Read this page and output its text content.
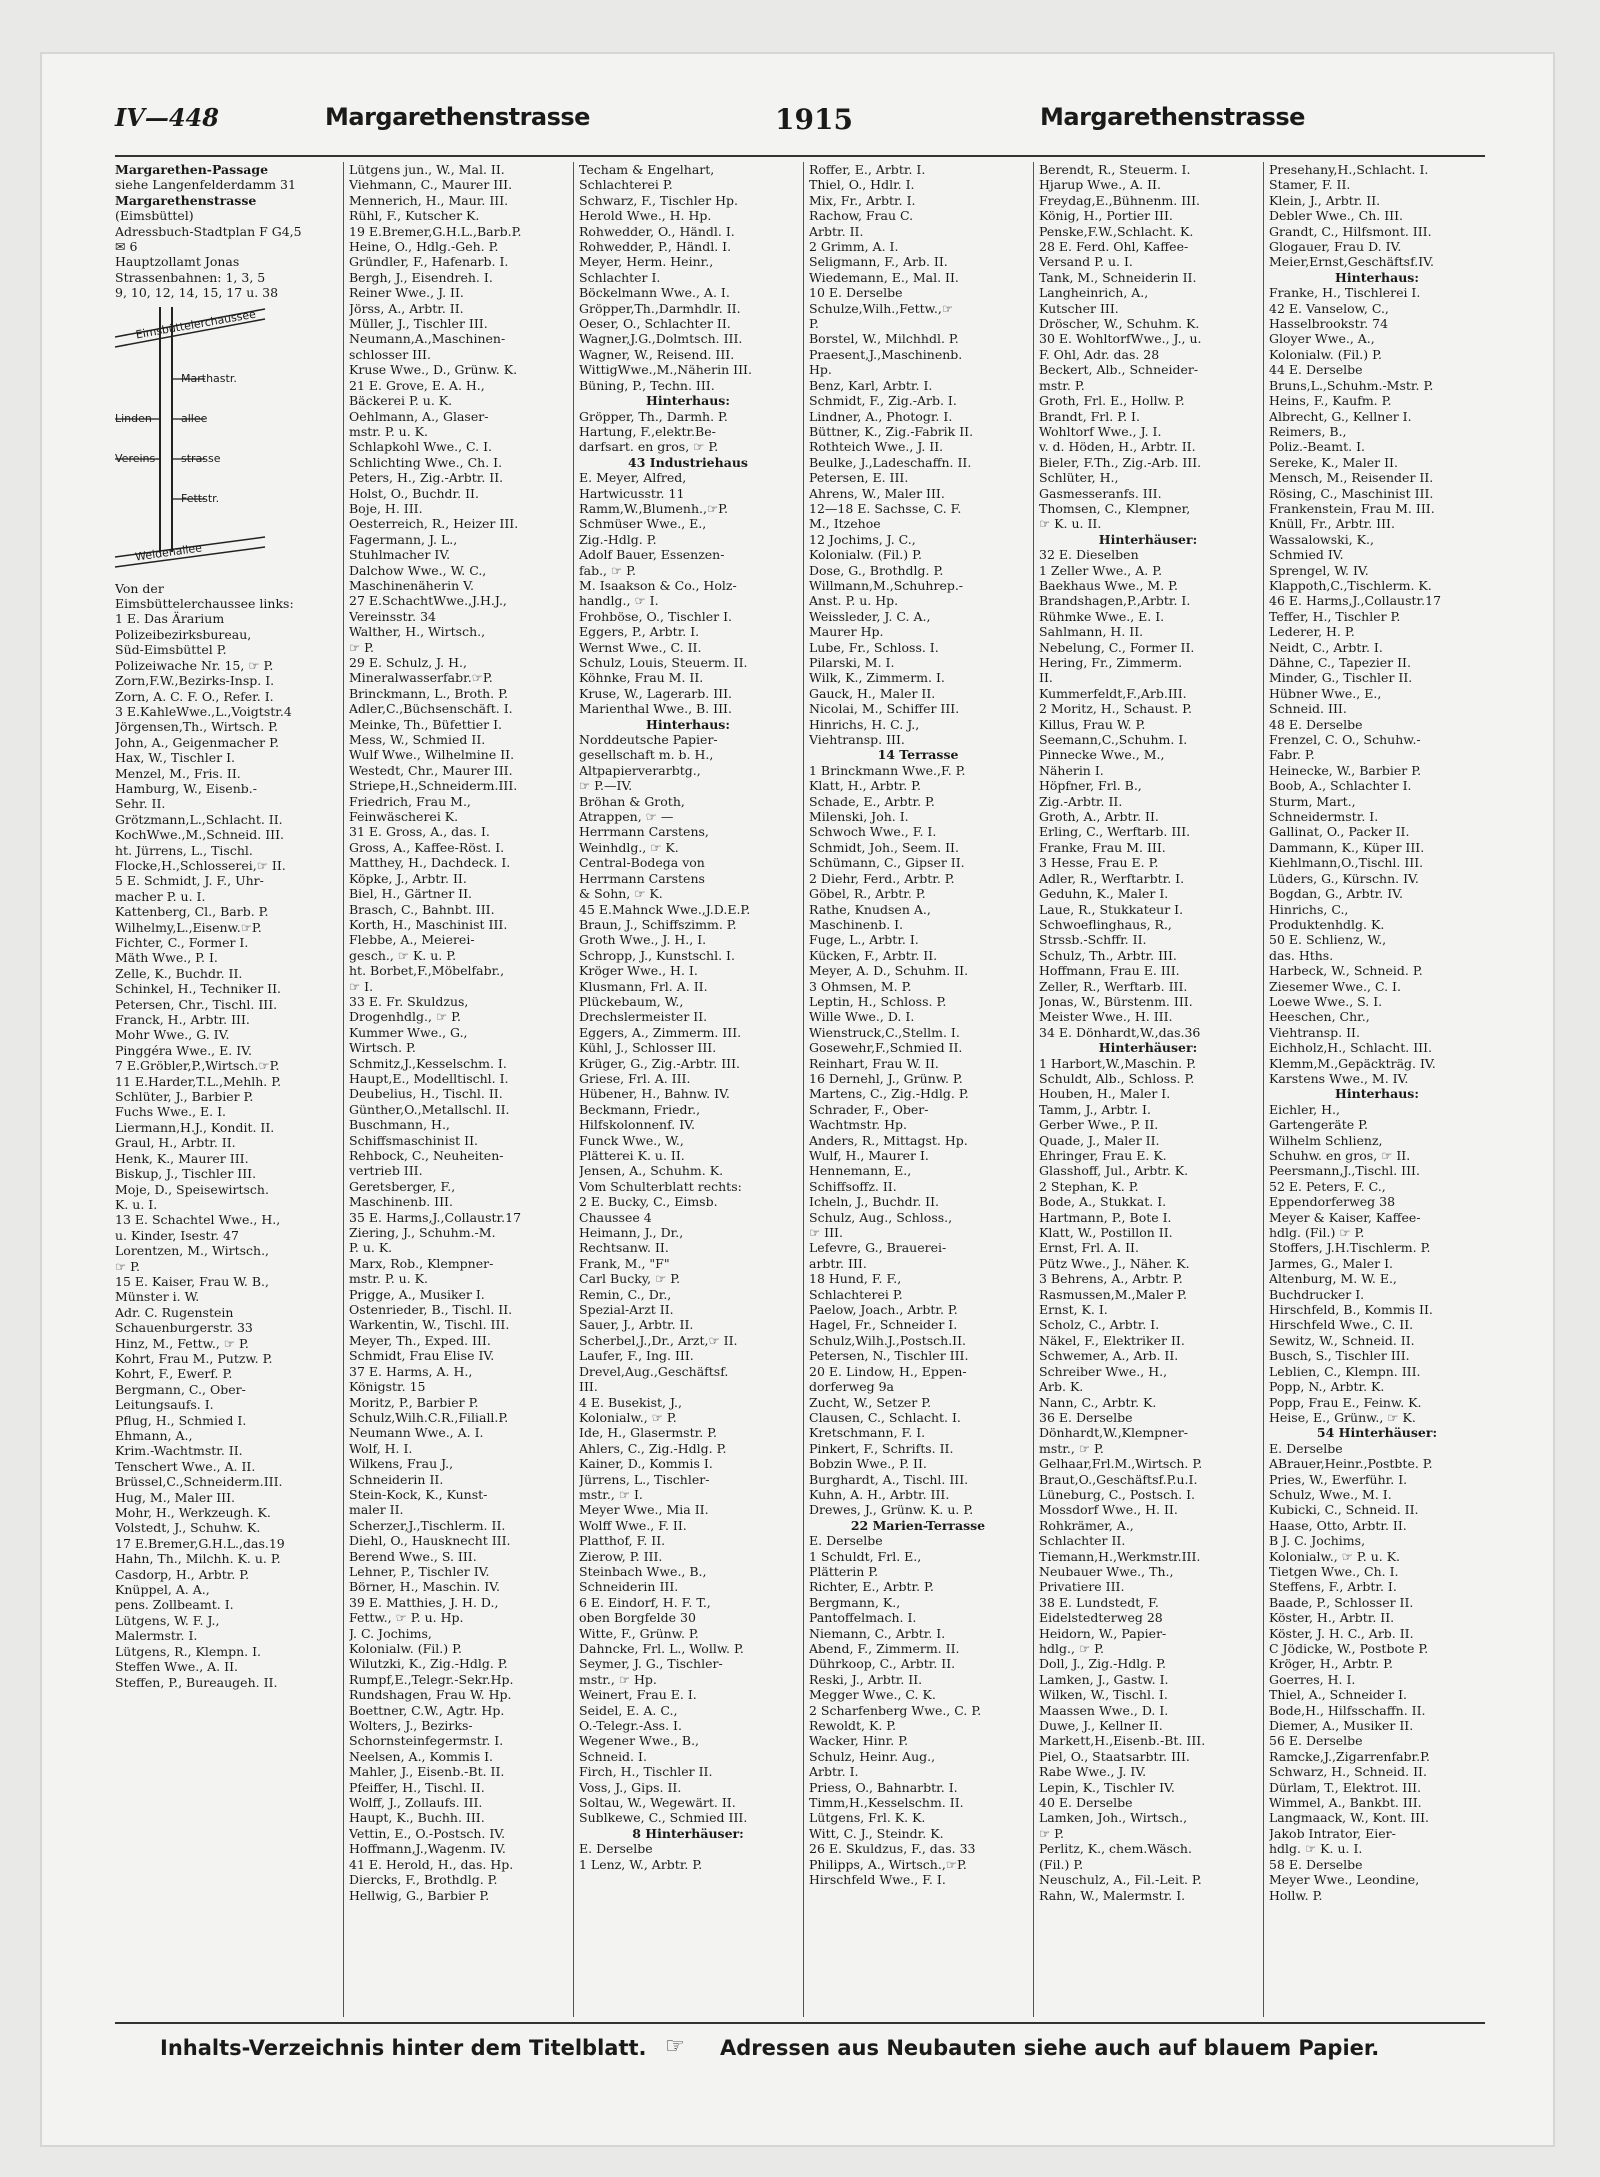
IV—448	Margarethenstrasse	1915	Margarethenstrasse
Margarethen-Passage
siehe Langenfelderdamm 31
Margarethenstrasse
(Eimsbüttel)
Adressbuch-Stadtplan F G4,5
✉ 6
Hauptzollamt Jonas
Strassenbahnen: 1, 3, 5
9, 10, 12, 14, 15, 17 u. 38
Eimsbüttelerchaussee
Marthastr.
Linden- allee
Vereins- strasse
Fettstr.
Weidenallee
Von der
Eimsbüttelerchaussee links:
1 E. Das Ärarium
Polizeibezirksbureau,
Süd-Eimsbüttel P.
Polizeiwache Nr. 15, ☞ P.
Zorn,F.W.,Bezirks-Insp. I.
Zorn, A. C. F. O., Refer. I.
3 E.KahleWwe.,L.,Voigtstr.4
Jörgensen,Th., Wirtsch. P.
John, A., Geigenmacher P.
Hax, W., Tischler I.
Menzel, M., Fris. II.
Hamburg, W., Eisenb.-
Sehr. II.
Grötzmann,L.,Schlacht. II.
KochWwe.,M.,Schneid. III.
ht. Jürrens, L., Tischl.
Flocke,H.,Schlosserei,☞ II.
5 E. Schmidt, J. F., Uhr-
macher P. u. I.
Kattenberg, Cl., Barb. P.
Wilhelmy,L.,Eisenw.☞P.
Fichter, C., Former I.
Mäth Wwe., P. I.
Zelle, K., Buchdr. II.
Schinkel, H., Techniker II.
Petersen, Chr., Tischl. III.
Franck, H., Arbtr. III.
Mohr Wwe., G. IV.
Pinggéra Wwe., E. IV.
7 E.Gröbler,P.,Wirtsch.☞P.
11 E.Harder,T.L.,Mehlh. P.
Schlüter, J., Barbier P.
Fuchs Wwe., E. I.
Liermann,H.J., Kondit. II.
Graul, H., Arbtr. II.
Henk, K., Maurer III.
Biskup, J., Tischler III.
Moje, D., Speisewirtsch.
K. u. I.
13 E. Schachtel Wwe., H.,
u. Kinder, Isestr. 47
Lorentzen, M., Wirtsch.,
☞ P.
15 E. Kaiser, Frau W. B.,
Münster i. W.
Adr. C. Rugenstein
Schauenburgerstr. 33
Hinz, M., Fettw., ☞ P.
Kohrt, Frau M., Putzw. P.
Kohrt, F., Ewerf. P.
Bergmann, C., Ober-
Leitungsaufs. I.
Pflug, H., Schmied I.
Ehmann, A.,
Krim.-Wachtmstr. II.
Tenschert Wwe., A. II.
Brüssel,C.,Schneiderm.III.
Hug, M., Maler III.
Mohr, H., Werkzeugh. K.
Volstedt, J., Schuhw. K.
17 E.Bremer,G.H.L.,das.19
Hahn, Th., Milchh. K. u. P.
Casdorp, H., Arbtr. P.
Knüppel, A. A.,
pens. Zollbeamt. I.
Lütgens, W. F. J.,
Malermstr. I.
Lütgens, R., Klempn. I.
Steffen Wwe., A. II.
Steffen, P., Bureaugeh. II.
Lütgens jun., W., Mal. II.
Viehmann, C., Maurer III.
Mennerich, H., Maur. III.
Rühl, F., Kutscher K.
19 E.Bremer,G.H.L.,Barb.P.
Heine, O., Hdlg.-Geh. P.
Gründler, F., Hafenarb. I.
Bergh, J., Eisendreh. I.
Reiner Wwe., J. II.
Jörss, A., Arbtr. II.
Müller, J., Tischler III.
Neumann,A.,Maschinen-
schlosser III.
Kruse Wwe., D., Grünw. K.
21 E. Grove, E. A. H.,
Bäckerei P. u. K.
Oehlmann, A., Glaser-
mstr. P. u. K.
Schlapkohl Wwe., C. I.
Schlichting Wwe., Ch. I.
Peters, H., Zig.-Arbtr. II.
Holst, O., Buchdr. II.
Boje, H. III.
Oesterreich, R., Heizer III.
Fagermann, J. L.,
Stuhlmacher IV.
Dalchow Wwe., W. C.,
Maschinenäherin V.
27 E.SchachtWwe.,J.H.J.,
Vereinsstr. 34
Walther, H., Wirtsch.,
☞ P.
29 E. Schulz, J. H.,
Mineralwasserfabr.☞P.
Brinckmann, L., Broth. P.
Adler,C.,Büchsenschäft. I.
Meinke, Th., Büfettier I.
Mess, W., Schmied II.
Wulf Wwe., Wilhelmine II.
Westedt, Chr., Maurer III.
Striepe,H.,Schneiderm.III.
Friedrich, Frau M.,
Feinwäscherei K.
31 E. Gross, A., das. I.
Gross, A., Kaffee-Röst. I.
Matthey, H., Dachdeck. I.
Köpke, J., Arbtr. II.
Biel, H., Gärtner II.
Brasch, C., Bahnbt. III.
Korth, H., Maschinist III.
Flebbe, A., Meierei-
gesch., ☞ K. u. P.
ht. Borbet,F.,Möbelfabr.,
☞ I.
33 E. Fr. Skuldzus,
Drogenhdlg., ☞ P.
Kummer Wwe., G.,
Wirtsch. P.
Schmitz,J.,Kesselschm. I.
Haupt,E., Modelltischl. I.
Deubelius, H., Tischl. II.
Günther,O.,Metallschl. II.
Buschmann, H.,
Schiffsmaschinist II.
Rehbock, C., Neuheiten-
vertrieb III.
Geretsberger, F.,
Maschinenb. III.
35 E. Harms,J.,Collaustr.17
Ziering, J., Schuhm.-M.
P. u. K.
Marx, Rob., Klempner-
mstr. P. u. K.
Prigge, A., Musiker I.
Ostenrieder, B., Tischl. II.
Warkentin, W., Tischl. III.
Meyer, Th., Exped. III.
Schmidt, Frau Elise IV.
37 E. Harms, A. H.,
Königstr. 15
Moritz, P., Barbier P.
Schulz,Wilh.C.R.,Filiall.P.
Neumann Wwe., A. I.
Wolf, H. I.
Wilkens, Frau J.,
Schneiderin II.
Stein-Kock, K., Kunst-
maler II.
Scherzer,J.,Tischlerm. II.
Diehl, O., Hausknecht III.
Berend Wwe., S. III.
Lehner, P., Tischler IV.
Börner, H., Maschin. IV.
39 E. Matthies, J. H. D.,
Fettw., ☞ P. u. Hp.
J. C. Jochims,
Kolonialw. (Fil.) P.
Wilutzki, K., Zig.-Hdlg. P.
Rumpf,E.,Telegr.-Sekr.Hp.
Rundshagen, Frau W. Hp.
Boettner, C.W., Agtr. Hp.
Wolters, J., Bezirks-
Schornsteinfegermstr. I.
Neelsen, A., Kommis I.
Mahler, J., Eisenb.-Bt. II.
Pfeiffer, H., Tischl. II.
Wolff, J., Zollaufs. III.
Haupt, K., Buchh. III.
Vettin, E., O.-Postsch. IV.
Hoffmann,J.,Wagenm. IV.
41 E. Herold, H., das. Hp.
Diercks, F., Brothdlg. P.
Hellwig, G., Barbier P.
Techam & Engelhart,
Schlachterei P.
Schwarz, F., Tischler Hp.
Herold Wwe., H. Hp.
Rohwedder, O., Händl. I.
Rohwedder, P., Händl. I.
Meyer, Herm. Heinr.,
Schlachter I.
Böckelmann Wwe., A. I.
Gröpper,Th.,Darmhdlr. II.
Oeser, O., Schlachter II.
Wagner,J.G.,Dolmtsch. III.
Wagner, W., Reisend. III.
WittigWwe.,M.,Näherin III.
Büning, P., Techn. III.
Hinterhaus:
Gröpper, Th., Darmh. P.
Hartung, F.,elektr.Be-
darfsart. en gros, ☞ P.
43 Industriehaus
E. Meyer, Alfred,
Hartwicusstr. 11
Ramm,W.,Blumenh.,☞P.
Schmüser Wwe., E.,
Zig.-Hdlg. P.
Adolf Bauer, Essenzen-
fab., ☞ P.
M. Isaakson & Co., Holz-
handlg., ☞ I.
Frohböse, O., Tischler I.
Eggers, P., Arbtr. I.
Wernst Wwe., C. II.
Schulz, Louis, Steuerm. II.
Köhnke, Frau M. II.
Kruse, W., Lagerarb. III.
Marienthal Wwe., B. III.
Hinterhaus:
Norddeutsche Papier-
gesellschaft m. b. H.,
Altpapierverarbtg.,
☞ P.—IV.
Bröhan & Groth,
Atrappen, ☞ —
Herrmann Carstens,
Weinhdlg., ☞ K.
Central-Bodega von
Herrmann Carstens
& Sohn, ☞ K.
45 E.Mahnck Wwe.,J.D.E.P.
Braun, J., Schiffszimm. P.
Groth Wwe., J. H., I.
Schropp, J., Kunstschl. I.
Kröger Wwe., H. I.
Klusmann, Frl. A. II.
Plückebaum, W.,
Drechslermeister II.
Eggers, A., Zimmerm. III.
Kühl, J., Schlosser III.
Krüger, G., Zig.-Arbtr. III.
Griese, Frl. A. III.
Hübener, H., Bahnw. IV.
Beckmann, Friedr.,
Hilfskolonnenf. IV.
Funck Wwe., W.,
Plätterei K. u. II.
Jensen, A., Schuhm. K.
Vom Schulterblatt rechts:
2 E. Bucky, C., Eimsb.
Chaussee 4
Heimann, J., Dr.,
Rechtsanw. II.
Frank, M., "F"
Carl Bucky, ☞ P.
Remin, C., Dr.,
Spezial-Arzt II.
Sauer, J., Arbtr. II.
Scherbel,J.,Dr., Arzt,☞ II.
Laufer, F., Ing. III.
Drevel,Aug.,Geschäftsf.
III.
4 E. Busekist, J.,
Kolonialw., ☞ P.
Ide, H., Glasermstr. P.
Ahlers, C., Zig.-Hdlg. P.
Kainer, D., Kommis I.
Jürrens, L., Tischler-
mstr., ☞ I.
Meyer Wwe., Mia II.
Wolff Wwe., F. II.
Platthof, F. II.
Zierow, P. III.
Steinbach Wwe., B.,
Schneiderin III.
6 E. Eindorf, H. F. T.,
oben Borgfelde 30
Witte, F., Grünw. P.
Dahncke, Frl. L., Wollw. P.
Seymer, J. G., Tischler-
mstr., ☞ Hp.
Weinert, Frau E. I.
Seidel, E. A. C.,
O.-Telegr.-Ass. I.
Wegener Wwe., B.,
Schneid. I.
Firch, H., Tischler II.
Voss, J., Gips. II.
Soltau, W., Wegewärt. II.
Sublkewe, C., Schmied III.
8 Hinterhäuser:
E. Derselbe
1 Lenz, W., Arbtr. P.
Roffer, E., Arbtr. I.
Thiel, O., Hdlr. I.
Mix, Fr., Arbtr. I.
Rachow, Frau C.
Arbtr. II.
2 Grimm, A. I.
Seligmann, F., Arb. II.
Wiedemann, E., Mal. II.
10 E. Derselbe
Schulze,Wilh.,Fettw.,☞
P.
Borstel, W., Milchhdl. P.
Praesent,J.,Maschinenb.
Hp.
Benz, Karl, Arbtr. I.
Schmidt, F., Zig.-Arb. I.
Lindner, A., Photogr. I.
Büttner, K., Zig.-Fabrik II.
Rothteich Wwe., J. II.
Beulke, J.,Ladeschaffn. II.
Petersen, E. III.
Ahrens, W., Maler III.
12—18 E. Sachsse, C. F.
M., Itzehoe
12 Jochims, J. C.,
Kolonialw. (Fil.) P.
Dose, G., Brothdlg. P.
Willmann,M.,Schuhrep.-
Anst. P. u. Hp.
Weissleder, J. C. A.,
Maurer Hp.
Lube, Fr., Schloss. I.
Pilarski, M. I.
Wilk, K., Zimmerm. I.
Gauck, H., Maler II.
Nicolai, M., Schiffer III.
Hinrichs, H. C. J.,
Viehtransp. III.
14 Terrasse
1 Brinckmann Wwe.,F. P.
Klatt, H., Arbtr. P.
Schade, E., Arbtr. P.
Milenski, Joh. I.
Schwoch Wwe., F. I.
Schmidt, Joh., Seem. II.
Schümann, C., Gipser II.
2 Diehr, Ferd., Arbtr. P.
Göbel, R., Arbtr. P.
Rathe, Knudsen A.,
Maschinenb. I.
Fuge, L., Arbtr. I.
Kücken, F., Arbtr. II.
Meyer, A. D., Schuhm. II.
3 Ohmsen, M. P.
Leptin, H., Schloss. P.
Wille Wwe., D. I.
Wienstruck,C.,Stellm. I.
Gosewehr,F.,Schmied II.
Reinhart, Frau W. II.
16 Dernehl, J., Grünw. P.
Martens, C., Zig.-Hdlg. P.
Schrader, F., Ober-
Wachtmstr. Hp.
Anders, R., Mittagst. Hp.
Wulf, H., Maurer I.
Hennemann, E.,
Schiffsoffz. II.
Icheln, J., Buchdr. II.
Schulz, Aug., Schloss.,
☞ III.
Lefevre, G., Brauerei-
arbtr. III.
18 Hund, F. F.,
Schlachterei P.
Paelow, Joach., Arbtr. P.
Hagel, Fr., Schneider I.
Schulz,Wilh.J.,Postsch.II.
Petersen, N., Tischler III.
20 E. Lindow, H., Eppen-
dorferweg 9a
Zucht, W., Setzer P.
Clausen, C., Schlacht. I.
Kretschmann, F. I.
Pinkert, F., Schrifts. II.
Bobzin Wwe., P. II.
Burghardt, A., Tischl. III.
Kuhn, A. H., Arbtr. III.
Drewes, J., Grünw. K. u. P.
22 Marien-Terrasse
E. Derselbe
1 Schuldt, Frl. E.,
Plätterin P.
Richter, E., Arbtr. P.
Bergmann, K.,
Pantoffelmach. I.
Niemann, C., Arbtr. I.
Abend, F., Zimmerm. II.
Dührkoop, C., Arbtr. II.
Reski, J., Arbtr. II.
Megger Wwe., C. K.
2 Scharfenberg Wwe., C. P.
Rewoldt, K. P.
Wacker, Hinr. P.
Schulz, Heinr. Aug.,
Arbtr. I.
Priess, O., Bahnarbtr. I.
Timm,H.,Kesselschm. II.
Lütgens, Frl. K. K.
Witt, C. J., Steindr. K.
26 E. Skuldzus, F., das. 33
Philipps, A., Wirtsch.,☞P.
Hirschfeld Wwe., F. I.
Berendt, R., Steuerm. I.
Hjarup Wwe., A. II.
Freydag,E.,Bühnenm. III.
König, H., Portier III.
Penske,F.W.,Schlacht. K.
28 E. Ferd. Ohl, Kaffee-
Versand P. u. I.
Tank, M., Schneiderin II.
Langheinrich, A.,
Kutscher III.
Dröscher, W., Schuhm. K.
30 E. WohltorfWwe., J., u.
F. Ohl, Adr. das. 28
Beckert, Alb., Schneider-
mstr. P.
Groth, Frl. E., Hollw. P.
Brandt, Frl. P. I.
Wohltorf Wwe., J. I.
v. d. Höden, H., Arbtr. II.
Bieler, F.Th., Zig.-Arb. III.
Schlüter, H.,
Gasmesseranfs. III.
Thomsen, C., Klempner,
☞ K. u. II.
Hinterhäuser:
32 E. Dieselben
1 Zeller Wwe., A. P.
Baekhaus Wwe., M. P.
Brandshagen,P.,Arbtr. I.
Rühmke Wwe., E. I.
Sahlmann, H. II.
Nebelung, C., Former II.
Hering, Fr., Zimmerm.
II.
Kummerfeldt,F.,Arb.III.
2 Moritz, H., Schaust. P.
Killus, Frau W. P.
Seemann,C.,Schuhm. I.
Pinnecke Wwe., M.,
Näherin I.
Höpfner, Frl. B.,
Zig.-Arbtr. II.
Groth, A., Arbtr. II.
Erling, C., Werftarb. III.
Franke, Frau M. III.
3 Hesse, Frau E. P.
Adler, R., Werftarbtr. I.
Geduhn, K., Maler I.
Laue, R., Stukkateur I.
Schwoeflinghaus, R.,
Strssb.-Schffr. II.
Schulz, Th., Arbtr. III.
Hoffmann, Frau E. III.
Zeller, R., Werftarb. III.
Jonas, W., Bürstenm. III.
Meister Wwe., H. III.
34 E. Dönhardt,W.,das.36
Hinterhäuser:
1 Harbort,W.,Maschin. P.
Schuldt, Alb., Schloss. P.
Houben, H., Maler I.
Tamm, J., Arbtr. I.
Gerber Wwe., P. II.
Quade, J., Maler II.
Ehringer, Frau E. K.
Glasshoff, Jul., Arbtr. K.
2 Stephan, K. P.
Bode, A., Stukkat. I.
Hartmann, P., Bote I.
Klatt, W., Postillon II.
Ernst, Frl. A. II.
Pütz Wwe., J., Näher. K.
3 Behrens, A., Arbtr. P.
Rasmussen,M.,Maler P.
Ernst, K. I.
Scholz, C., Arbtr. I.
Näkel, F., Elektriker II.
Schwemer, A., Arb. II.
Schreiber Wwe., H.,
Arb. K.
Nann, C., Arbtr. K.
36 E. Derselbe
Dönhardt,W.,Klempner-
mstr., ☞ P.
Gelhaar,Frl.M.,Wirtsch. P.
Braut,O.,Geschäftsf.P.u.I.
Lüneburg, C., Postsch. I.
Mossdorf Wwe., H. II.
Rohkrämer, A.,
Schlachter II.
Tiemann,H.,Werkmstr.III.
Neubauer Wwe., Th.,
Privatiere III.
38 E. Lundstedt, F.
Eidelstedterweg 28
Heidorn, W., Papier-
hdlg., ☞ P.
Doll, J., Zig.-Hdlg. P.
Lamken, J., Gastw. I.
Wilken, W., Tischl. I.
Maassen Wwe., D. I.
Duwe, J., Kellner II.
Markett,H.,Eisenb.-Bt. III.
Piel, O., Staatsarbtr. III.
Rabe Wwe., J. IV.
Lepin, K., Tischler IV.
40 E. Derselbe
Lamken, Joh., Wirtsch.,
☞ P.
Perlitz, K., chem.Wäsch.
(Fil.) P.
Neuschulz, A., Fil.-Leit. P.
Rahn, W., Malermstr. I.
Presehany,H.,Schlacht. I.
Stamer, F. II.
Klein, J., Arbtr. II.
Debler Wwe., Ch. III.
Grandt, C., Hilfsmont. III.
Glogauer, Frau D. IV.
Meier,Ernst,Geschäftsf.IV.
Hinterhaus:
Franke, H., Tischlerei I.
42 E. Vanselow, C.,
Hasselbrookstr. 74
Gloyer Wwe., A.,
Kolonialw. (Fil.) P.
44 E. Derselbe
Bruns,L.,Schuhm.-Mstr. P.
Heins, F., Kaufm. P.
Albrecht, G., Kellner I.
Reimers, B.,
Poliz.-Beamt. I.
Sereke, K., Maler II.
Mensch, M., Reisender II.
Rösing, C., Maschinist III.
Frankenstein, Frau M. III.
Knüll, Fr., Arbtr. III.
Wassalowski, K.,
Schmied IV.
Sprengel, W. IV.
Klappoth,C.,Tischlerm. K.
46 E. Harms,J.,Collaustr.17
Teffer, H., Tischler P.
Lederer, H. P.
Neidt, C., Arbtr. I.
Dähne, C., Tapezier II.
Minder, G., Tischler II.
Hübner Wwe., E.,
Schneid. III.
48 E. Derselbe
Frenzel, C. O., Schuhw.-
Fabr. P.
Heinecke, W., Barbier P.
Boob, A., Schlachter I.
Sturm, Mart.,
Schneidermstr. I.
Gallinat, O., Packer II.
Dammann, K., Küper III.
Kiehlmann,O.,Tischl. III.
Lüders, G., Kürschn. IV.
Bogdan, G., Arbtr. IV.
Hinrichs, C.,
Produktenhdlg. K.
50 E. Schlienz, W.,
das. Hths.
Harbeck, W., Schneid. P.
Ziesemer Wwe., C. I.
Loewe Wwe., S. I.
Heeschen, Chr.,
Viehtransp. II.
Eichholz,H., Schlacht. III.
Klemm,M.,Gepäckträg. IV.
Karstens Wwe., M. IV.
Hinterhaus:
Eichler, H.,
Gartengeräte P.
Wilhelm Schlienz,
Schuhw. en gros, ☞ II.
Peersmann,J.,Tischl. III.
52 E. Peters, F. C.,
Eppendorferweg 38
Meyer & Kaiser, Kaffee-
hdlg. (Fil.) ☞ P.
Stoffers, J.H.Tischlerm. P.
Jarmes, G., Maler I.
Altenburg, M. W. E.,
Buchdrucker I.
Hirschfeld, B., Kommis II.
Hirschfeld Wwe., C. II.
Sewitz, W., Schneid. II.
Busch, S., Tischler III.
Leblien, C., Klempn. III.
Popp, N., Arbtr. K.
Popp, Frau E., Feinw. K.
Heise, E., Grünw., ☞ K.
54 Hinterhäuser:
E. Derselbe
ABrauer,Heinr.,Postbte. P.
Pries, W., Ewerführ. I.
Schulz, Wwe., M. I.
Kubicki, C., Schneid. II.
Haase, Otto, Arbtr. II.
B J. C. Jochims,
Kolonialw., ☞ P. u. K.
Tietgen Wwe., Ch. I.
Steffens, F., Arbtr. I.
Baade, P., Schlosser II.
Köster, H., Arbtr. II.
Köster, J. H. C., Arb. II.
C Jödicke, W., Postbote P.
Kröger, H., Arbtr. P.
Goerres, H. I.
Thiel, A., Schneider I.
Bode,H., Hilfsschaffn. II.
Diemer, A., Musiker II.
56 E. Derselbe
Ramcke,J.,Zigarrenfabr.P.
Schwarz, H., Schneid. II.
Dürlam, T., Elektrot. III.
Wimmel, A., Bankbt. III.
Langmaack, W., Kont. III.
Jakob Intrator, Eier-
hdlg. ☞ K. u. I.
58 E. Derselbe
Meyer Wwe., Leondine,
Hollw. P.
Inhalts-Verzeichnis hinter dem Titelblatt. ☞ Adressen aus Neubauten siehe auch auf blauem Papier.
